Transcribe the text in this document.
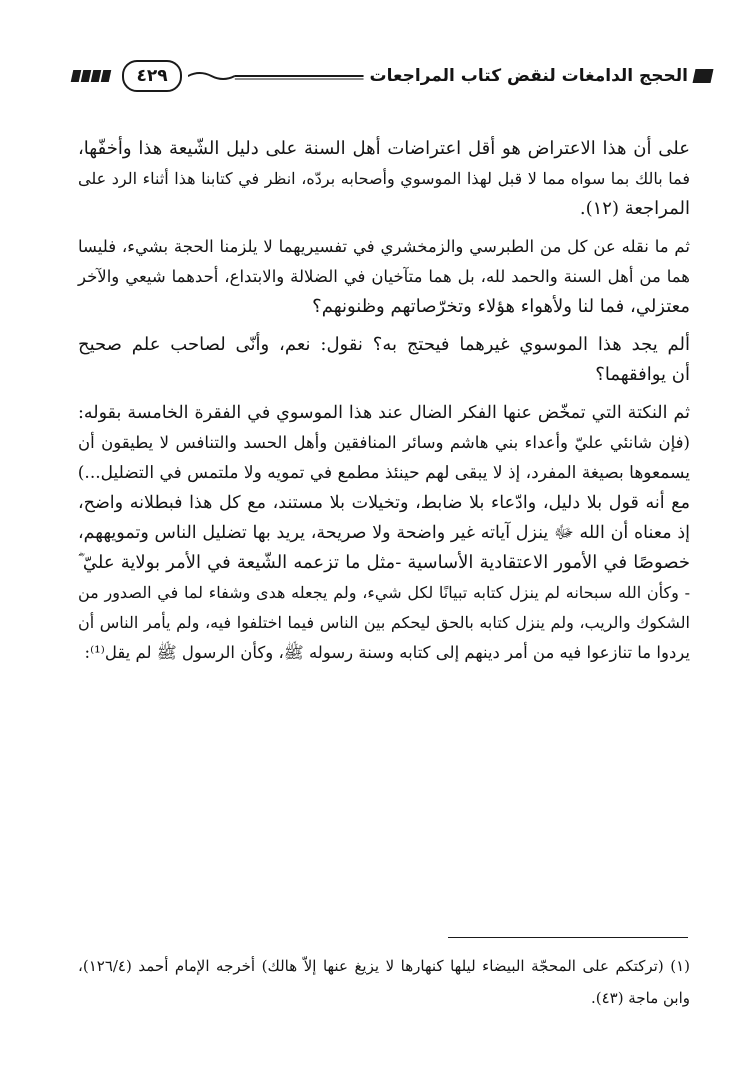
٤٢٩	الحجج الدامغات لنقض كتاب المراجعات
على أن هذا الاعتراض هو أقل اعتراضات أهل السنة على دليل الشّيعة هذا وأخفّها،
فما بالك بما سواه مما لا قبل لهذا الموسوي وأصحابه بردّه، انظر في كتابنا هذا أثناء الرد على
المراجعة (١٢).
ثم ما نقله عن كل من الطبرسي والزمخشري في تفسيريهما لا يلزمنا الحجة بشيء، فليسا
هما من أهل السنة والحمد لله، بل هما متآخيان في الضلالة والابتداع، أحدهما شيعي والآخر
معتزلي، فما لنا ولأهواء هؤلاء وتخرّصاتهم وظنونهم؟
ألم يجد هذا الموسوي غيرهما فيحتج به؟ نقول: نعم، وأنّى لصاحب علم صحيح
أن يوافقهما؟
ثم النكتة التي تمخّض عنها الفكر الضال عند هذا الموسوي في الفقرة الخامسة بقوله:
(فإن شانئي عليّ وأعداء بني هاشم وسائر المنافقين وأهل الحسد والتنافس لا يطيقون أن
يسمعوها بصيغة المفرد، إذ لا يبقى لهم حينئذ مطمع في تمويه ولا ملتمس في التضليل...)
مع أنه قول بلا دليل، وادّعاء بلا ضابط، وتخيلات بلا مستند، مع كل هذا فبطلانه واضح،
إذ معناه أن الله ﷻ ينزل آياته غير واضحة ولا صريحة، يريد بها تضليل الناس وتمويههم،
خصوصًا في الأمور الاعتقادية الأساسية -مثل ما تزعمه الشّيعة في الأمر بولاية عليّ ؓ
- وكأن الله سبحانه لم ينزل كتابه تبيانًا لكل شيء، ولم يجعله هدى وشفاء لما في الصدور من
الشكوك والريب، ولم ينزل كتابه بالحق ليحكم بين الناس فيما اختلفوا فيه، ولم يأمر الناس أن
يردوا ما تنازعوا فيه من أمر دينهم إلى كتابه وسنة رسوله ﷺ، وكأن الرسول ﷺ لم يقل⁽¹⁾:
(١) (تركتكم على المحجّة البيضاء ليلها كنهارها لا يزيغ عنها إلاّ هالك) أخرجه الإمام أحمد (١٢٦/٤)،
وابن ماجة (٤٣).
